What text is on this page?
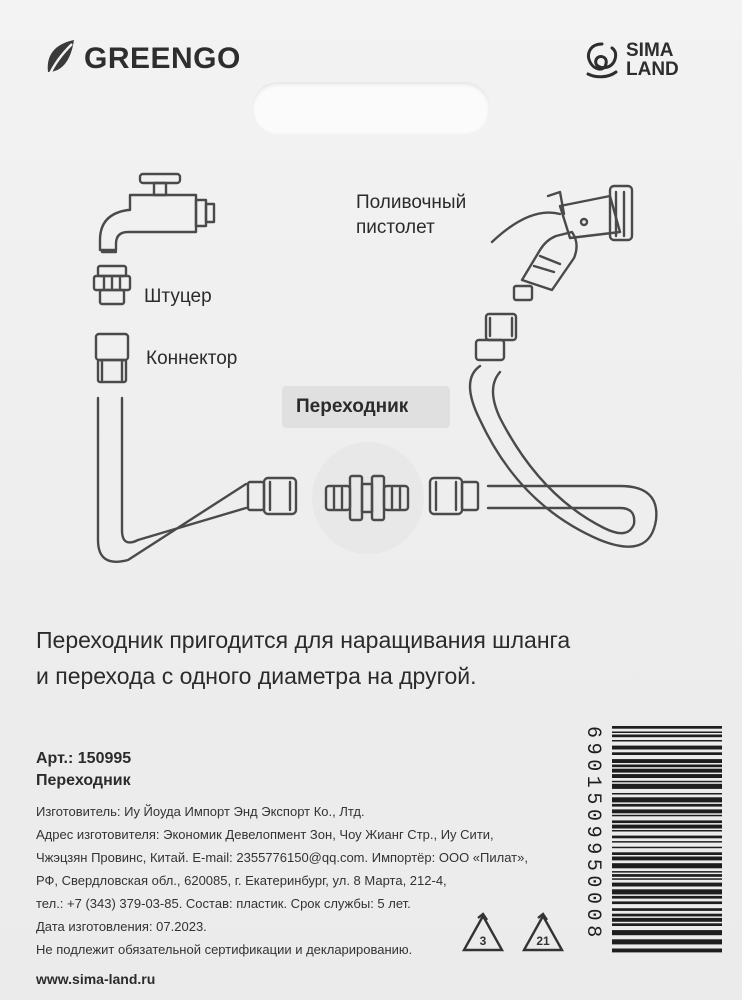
GREENGO	SIMA
LAND
Поливочный
пистолет
Штуцер
Коннектор
Переходник
Переходник пригодится для наращивания шланга
и перехода с одного диаметра на другой.
Арт.: 150995
Переходник
Изготовитель: Иу Йоуда Импорт Энд Экспорт Ко., Лтд.
Адрес изготовителя: Экономик Девелопмент Зон, Чоу Жианг Стр., Иу Сити,
Чжэцзян Провинс, Китай. E-mail: 2355776150@qq.com. Импортёр: ООО «Пилат»,
РФ, Свердловская обл., 620085, г. Екатеринбург, ул. 8 Марта, 212-4,
тел.: +7 (343) 379-03-85. Состав: пластик. Срок службы: 5 лет.
Дата изготовления: 07.2023.
Не подлежит обязательной сертификации и декларированию.
www.sima-land.ru
6901509950008
3	21
